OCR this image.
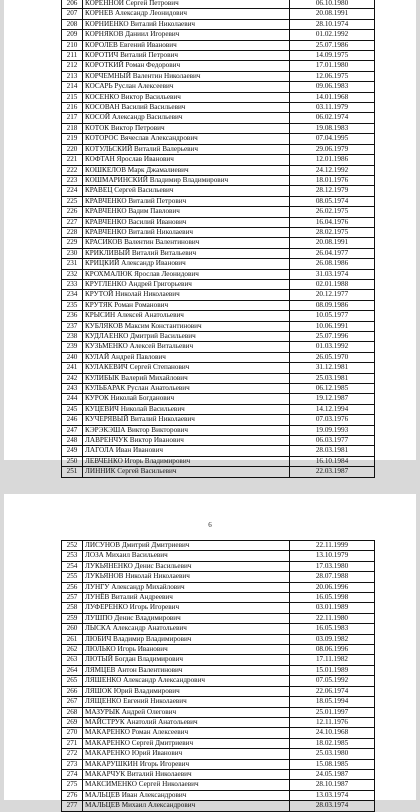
206	КОРЕННОЙ Сергей Петрович	06.10.1980
207	КОРНЕВ Александр Леонидович	20.08.1991
208	КОРНИЕНКО Виталий Николаевич	28.10.1974
209	КОРНЯКОВ Даниил Игоревич	01.02.1992
210	КОРОЛЕВ Евгений Иванович	25.07.1986
211	КОРОТИЧ Виталий Петрович	14.09.1975
212	КОРОТКИЙ Роман Федорович	17.01.1980
213	КОРЧЕМНЫЙ Валентин Николаевич	12.06.1975
214	КОСАРЬ Руслан Алексеевич	09.06.1983
215	КОСЕНКО Виктор Васильевич	14.01.1968
216	КОСОВАН Василий Васильевич	03.11.1979
217	КОСОЙ Александр Васильевич	06.02.1974
218	КОТОК Виктор Петрович	19.08.1983
219	КОТОРОС Вячеслав Александрович	07.04.1995
220	КОТУЛЬСКИЙ Виталий Валерьевич	29.06.1979
221	КОФТАН Ярослав Иванович	12.01.1986
222	КОШКЕЛОВ Марк Джамалиевич	24.12.1992
223	КОШМАРИНСКИЙ Владимир Владимирович	18.01.1976
224	КРАВЕЦ Сергей Васильевич	28.12.1979
225	КРАВЧЕНКО Виталий Петрович	08.05.1974
226	КРАВЧЕНКО Вадим Павлович	26.02.1975
227	КРАВЧЕНКО Василий Иванович	16.04.1976
228	КРАВЧЕНКО Виталий Николаевич	28.02.1975
229	КРАСИКОВ Валентин Валентинович	20.08.1991
230	КРИКЛИВЫЙ Виталий Витальевич	26.04.1977
231	КРИЦКИЙ Александр Иванович	26.08.1986
232	КРОХМАЛЮК Ярослав Леонидович	31.03.1974
233	КРУГЛЕНКО Андрей Григорьевич	02.01.1988
234	КРУТОЙ Николай Николаевич	20.12.1977
235	КРУТЯК Роман Романович	08.09.1986
236	КРЫСИН Алексей Анатольевич	10.05.1977
237	КУБЛЯКОВ Максим Константинович	10.06.1991
238	КУДЛАЕНКО Дмитрий Васильевич	25.07.1996
239	КУЗЬМЕНКО Алексей Витальевич	01.03.1992
240	КУЛАЙ Андрей Павлович	26.05.1970
241	КУЛАКЕВИЧ Сергей Степанович	31.12.1981
242	КУЛИБЫК Валерий Михайлович	25.03.1981
243	КУЛЬБАРАК Руслан Анатольевич	06.12.1985
244	КУРОК Николай Богданович	19.12.1987
245	КУЦЕВИЧ Николай Васильевич	14.12.1994
246	КУЧЕРЯВЫЙ Виталий Николаевич	07.03.1976
247	КЭРЭКЭША Виктор Викторович	19.09.1993
248	ЛАВРЕНЧУК Виктор Иванович	06.03.1977
249	ЛАГОЛА Иван Иванович	28.03.1981
250	ЛЕВЧЕНКО Игорь Владимирович	16.10.1984
251	ЛИННИК Сергей Васильевич	22.03.1987
6
252	ЛИСУНОВ Дмитрий Дмитриевич	22.11.1999
253	ЛОЗА Михаил Васильевич	13.10.1979
254	ЛУКЬЯНЕНКО Денис Васильевич	17.03.1980
255	ЛУКЬЯНОВ Николай Николаевич	28.07.1988
256	ЛУНГУ Александр Михайлович	20.06.1996
257	ЛУНЁВ Виталий Андреевич	16.05.1998
258	ЛУФЕРЕНКО Игорь Игоревич	03.01.1989
259	ЛУШПО Денис Владимирович	22.11.1980
260	ЛЫСКА Александр Анатольевич	16.05.1983
261	ЛЮБИЧ Владимир Владимирович	03.09.1982
262	ЛЮЛЬКО Игорь Иванович	08.06.1996
263	ЛЮТЫЙ Богдан Владимирович	17.11.1982
264	ЛЯМЦЕВ Антон Валентинович	15.01.1989
265	ЛЯШЕНКО Александр Александрович	07.05.1992
266	ЛЯШОК Юрий Владимирович	22.06.1974
267	ЛЯЩЕНКО Евгений Николаевич	18.05.1994
268	МАЗУРЫК Андрей Олегович	25.01.1997
269	МАЙСТРУК Анатолий Анатольевич	12.11.1976
270	МАКАРЕНКО Роман Алексеевич	24.10.1968
271	МАКАРЕНКО Сергей Дмитриевич	18.02.1985
272	МАКАРЕНКО Юрий Иванович	25.03.1980
273	МАКАРУШКИН Игорь Игоревич	15.08.1985
274	МАКАРЧУК Виталий Николаевич	24.05.1987
275	МАКСИМЕНКО Сергей Николаевич	28.10.1987
276	МАЛЬЦЕВ Иван Александрович	13.03.1974
277	МАЛЬЦЕВ Михаил Александрович	28.03.1974
